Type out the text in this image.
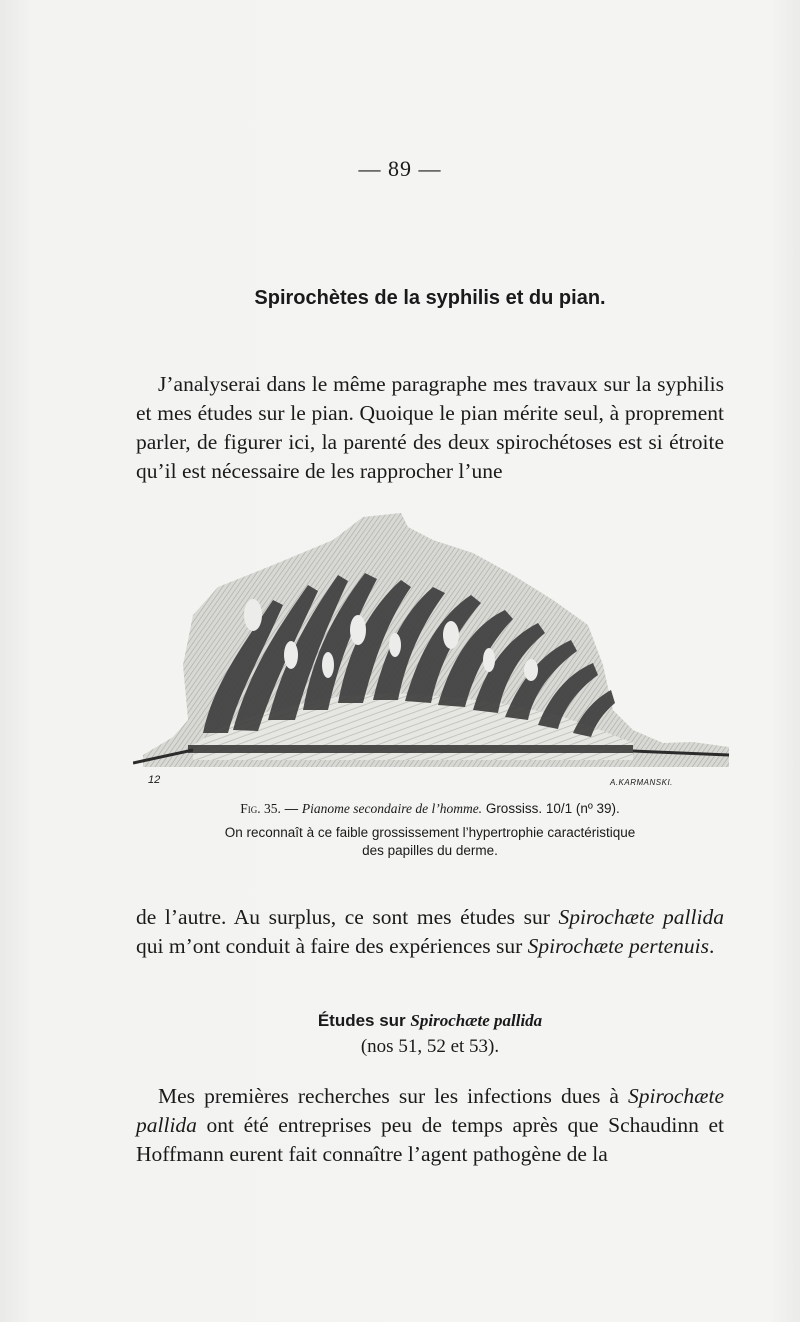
— 89 —
Spirochètes de la syphilis et du pian.

J’analyserai dans le même paragraphe mes travaux sur la syphilis et mes études sur le pian. Quoique le pian mérite seul, à proprement parler, de figurer ici, la parenté des deux spirochétoses est si étroite qu’il est nécessaire de les rapprocher l’une

12	A.KARMANSKI.

Fig. 35. — Pianome secondaire de l’homme. Grossiss. 10/1 (nº 39).

On reconnaît à ce faible grossissement l’hypertrophie caractéristique

des papilles du derme.

de l’autre. Au surplus, ce sont mes études sur Spirochæte pallida qui m’ont conduit à faire des expériences sur Spirochæte pertenuis.

Études sur Spirochæte pallida
(nos 51, 52 et 53).

Mes premières recherches sur les infections dues à Spirochæte pallida ont été entreprises peu de temps après que Schaudinn et Hoffmann eurent fait connaître l’agent pathogène de la
